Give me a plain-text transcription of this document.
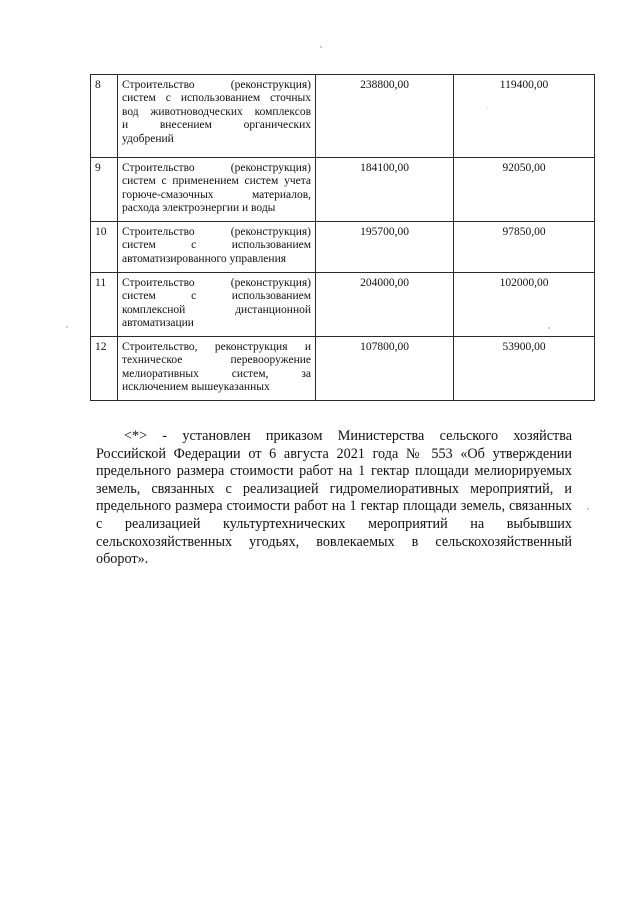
8	Строительство (реконструкция)
систем с использованием сточных
вод животноводческих комплексов
и внесением органических
удобрений	238800,00	119400,00
9	Строительство (реконструкция)
систем с применением систем учета
горюче-смазочных материалов,
расхода электроэнергии и воды	184100,00	92050,00
10	Строительство (реконструкция)
систем с использованием
автоматизированного управления	195700,00	97850,00
11	Строительство (реконструкция)
систем с использованием
комплексной дистанционной
автоматизации	204000,00	102000,00
12	Строительство, реконструкция и
техническое перевооружение
мелиоративных систем, за
исключением вышеуказанных	107800,00	53900,00
<*> - установлен приказом Министерства сельского хозяйства
Российской Федерации от 6 августа 2021 года № 553 «Об утверждении
предельного размера стоимости работ на 1 гектар площади мелиорируемых
земель, связанных с реализацией гидромелиоративных мероприятий, и
предельного размера стоимости работ на 1 гектар площади земель, связанных
с реализацией культуртехнических мероприятий на выбывших
сельскохозяйственных угодьях, вовлекаемых в сельскохозяйственный
оборот».
